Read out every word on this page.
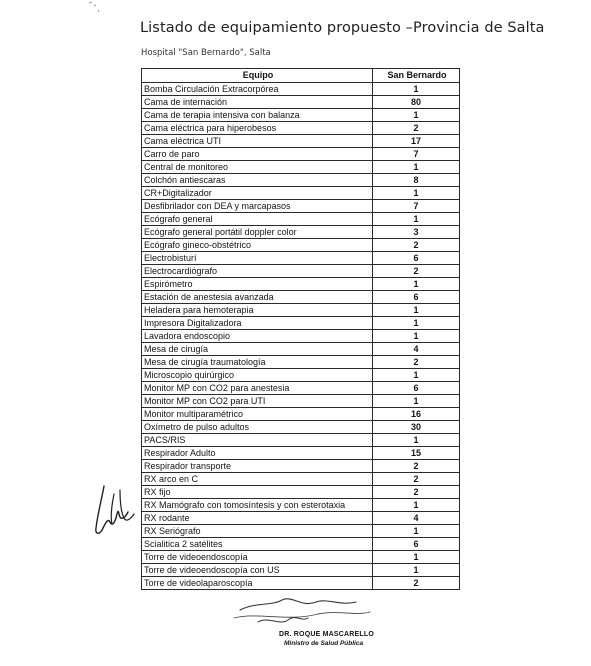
Listado de equipamiento propuesto –Provincia de Salta
Hospital "San Bernardo", Salta
Equipo	San Bernardo
Bomba Circulación Extracorpórea	1
Cama de internación	80
Cama de terapia intensiva con balanza	1
Cama eléctrica para hiperobesos	2
Cama eléctrica UTI	17
Carro de paro	7
Central de monitoreo	1
Colchón antiescaras	8
CR+Digitalizador	1
Desfibrilador con DEA y marcapasos	7
Ecógrafo general	1
Ecógrafo general portátil doppler color	3
Ecógrafo gineco-obstétrico	2
Electrobisturí	6
Electrocardiógrafo	2
Espirómetro	1
Estación de anestesia avanzada	6
Heladera para hemoterapia	1
Impresora Digitalizadora	1
Lavadora endoscopio	1
Mesa de cirugía	4
Mesa de cirugía traumatología	2
Microscopio quirúrgico	1
Monitor MP con CO2 para anestesia	6
Monitor MP con CO2 para UTI	1
Monitor multiparamétrico	16
Oxímetro de pulso adultos	30
PACS/RIS	1
Respirador Adulto	15
Respirador transporte	2
RX arco en C	2
RX fijo	2
RX Mamógrafo con tomosíntesis y con esterotaxia	1
RX rodante	4
RX Seriógrafo	1
Scialitica 2 satélites	6
Torre de videoendoscopía	1
Torre de videoendoscopía con US	1
Torre de videolaparoscopía	2
DR. ROQUE MASCARELLO
Ministro de Salud Pública
